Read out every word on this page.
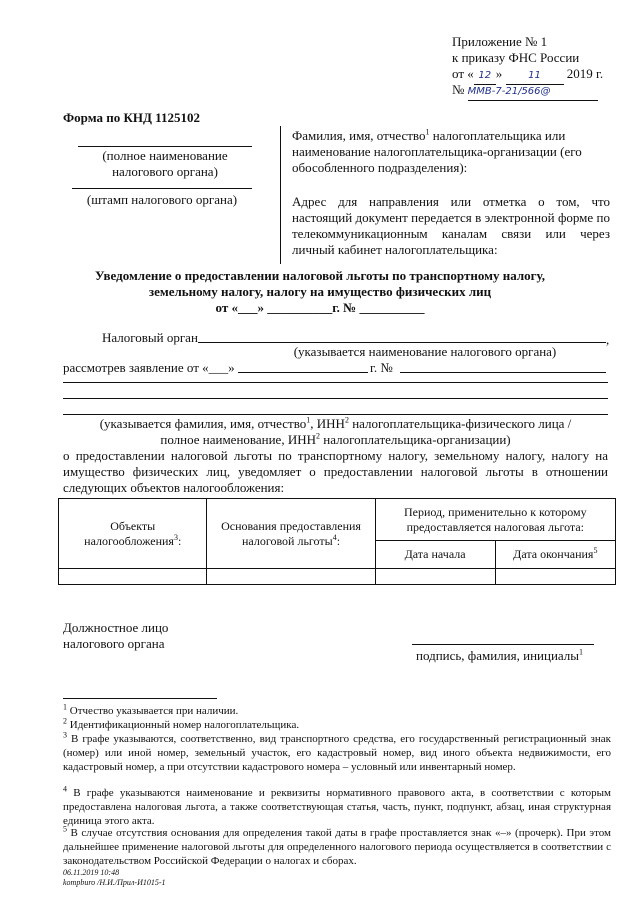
Приложение № 1
к приказу ФНС России
от « 12 »	11 2019 г.
№ ММВ-7-21/566@
Форма по КНД 1125102
(полное наименование
налогового органа)
(штамп налогового органа)
Фамилия, имя, отчество$^1$ налогоплательщика или наименование налогоплательщика-организации (его обособленного подразделения):
Адрес для направления или отметка о том, что настоящий документ передается в электронной форме по телекоммуникационным каналам связи или через личный кабинет налогоплательщика:
Уведомление о предоставлении налоговой льготы по транспортному налогу,
земельному налогу, налогу на имущество физических лиц
от «___» __________г. № __________
Налоговый орган	,
(указывается наименование налогового органа)
рассмотрев заявление от «___»	г. №
(указывается фамилия, имя, отчество$^1$, ИНН$^2$ налогоплательщика-физического лица /
полное наименование, ИНН$^2$ налогоплательщика-организации)
о предоставлении налоговой льготы по транспортному налогу, земельному налогу, налогу на имущество физических лиц, уведомляет о предоставлении налоговой льготы в отношении следующих объектов налогообложения:
Объекты налогообложения$^3$:	Основания предоставления налоговой льготы$^4$:	Период, применительно к которому предоставляется налоговая льгота:	
		Дата начала	Дата окончания$^5$

Должностное лицо
налогового органа
подпись, фамилия, инициалы$^1$
$^1$ Отчество указывается при наличии.
$^2$ Идентификационный номер налогоплательщика.
$^3$ В графе указываются, соответственно, вид транспортного средства, его государственный регистрационный знак (номер) или иной номер, земельный участок, его кадастровый номер, вид иного объекта недвижимости, его кадастровый номер, а при отсутствии кадастрового номера – условный или инвентарный номер.
$^4$ В графе указываются наименование и реквизиты нормативного правового акта, в соответствии с которым предоставлена налоговая льгота, а также соответствующая статья, часть, пункт, подпункт, абзац, иная структурная единица этого акта.
$^5$ В случае отсутствия основания для определения такой даты в графе проставляется знак «–» (прочерк). При этом дальнейшее применение налоговой льготы для определенного налогового периода осуществляется в соответствии с законодательством Российской Федерации о налогах и сборах.
06.11.2019 10:48
kompburo /Н.И./Прил-И1015-1
